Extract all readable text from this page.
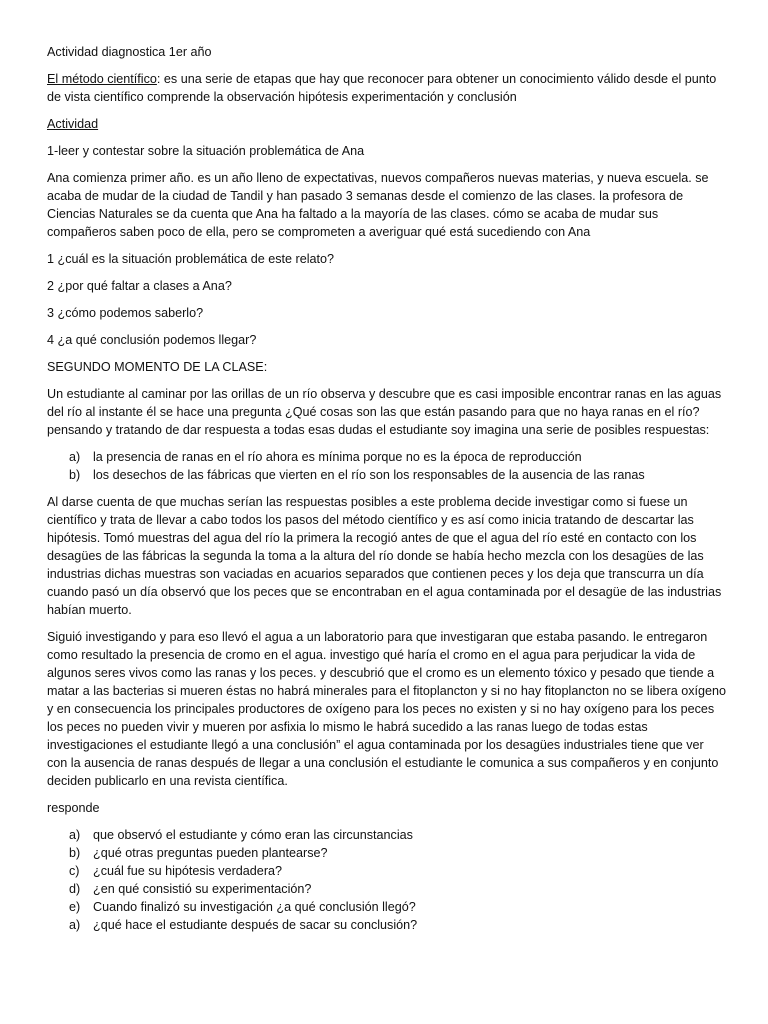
Actividad diagnostica 1er año

El método científico: es una serie de etapas que hay que reconocer para obtener un conocimiento válido desde el punto de vista científico comprende la observación hipótesis experimentación y conclusión

Actividad

1-leer y contestar sobre la situación problemática de Ana

Ana comienza primer año. es un año lleno de expectativas, nuevos compañeros nuevas materias, y nueva escuela. se acaba de mudar de la ciudad de Tandil y han pasado 3 semanas desde el comienzo de las clases. la profesora de Ciencias Naturales se da cuenta que Ana ha faltado a la mayoría de las clases. cómo se acaba de mudar sus compañeros saben poco de ella, pero se comprometen a averiguar qué está sucediendo con Ana

1 ¿cuál es la situación problemática de este relato?

2 ¿por qué faltar a clases a Ana?

3 ¿cómo podemos saberlo?

4 ¿a qué conclusión podemos llegar?

SEGUNDO MOMENTO DE LA CLASE:

Un estudiante al caminar por las orillas de un río observa y descubre que es casi imposible encontrar ranas en las aguas del río al instante él se hace una pregunta ¿Qué cosas son las que están pasando para que no haya ranas en el río? pensando y tratando de dar respuesta a todas esas dudas el estudiante soy imagina una serie de posibles respuestas:

a)	la presencia de ranas en el río ahora es mínima porque no es la época de reproducción
b)	los desechos de las fábricas que vierten en el río son los responsables de la ausencia de las ranas

Al darse cuenta de que muchas serían las respuestas posibles a este problema decide investigar como si fuese un científico y trata de llevar a cabo todos los pasos del método científico y es así como inicia tratando de descartar las hipótesis. Tomó muestras del agua del río la primera la recogió antes de que el agua del río esté en contacto con los desagües de las fábricas la segunda la toma a la altura del río donde se había hecho mezcla con los desagües de las industrias dichas muestras son vaciadas en acuarios separados que contienen peces y los deja que transcurra un día cuando pasó un día observó que los peces que se encontraban en el agua contaminada por el desagüe de las industrias habían muerto.

Siguió investigando y para eso llevó el agua a un laboratorio para que investigaran que estaba pasando. le entregaron como resultado la presencia de cromo en el agua. investigo qué haría el cromo en el agua para perjudicar la vida de algunos seres vivos como las ranas y los peces. y descubrió que el cromo es un elemento tóxico y pesado que tiende a matar a las bacterias si mueren éstas no habrá minerales para el fitoplancton y si no hay fitoplancton no se libera oxígeno y en consecuencia los principales productores de oxígeno para los peces no existen y si no hay oxígeno para los peces los peces no pueden vivir y mueren por asfixia lo mismo le habrá sucedido a las ranas luego de todas estas investigaciones el estudiante llegó a una conclusión” el agua contaminada por los desagües industriales tiene que ver con la ausencia de ranas después de llegar a una conclusión el estudiante le comunica a sus compañeros y en conjunto deciden publicarlo en una revista científica.

responde

a)	que observó el estudiante y cómo eran las circunstancias
b)	¿qué otras preguntas pueden plantearse?
c)	¿cuál fue su hipótesis verdadera?
d)	¿en qué consistió su experimentación?
e)	Cuando finalizó su investigación ¿a qué conclusión llegó?
a)	¿qué hace el estudiante después de sacar su conclusión?
